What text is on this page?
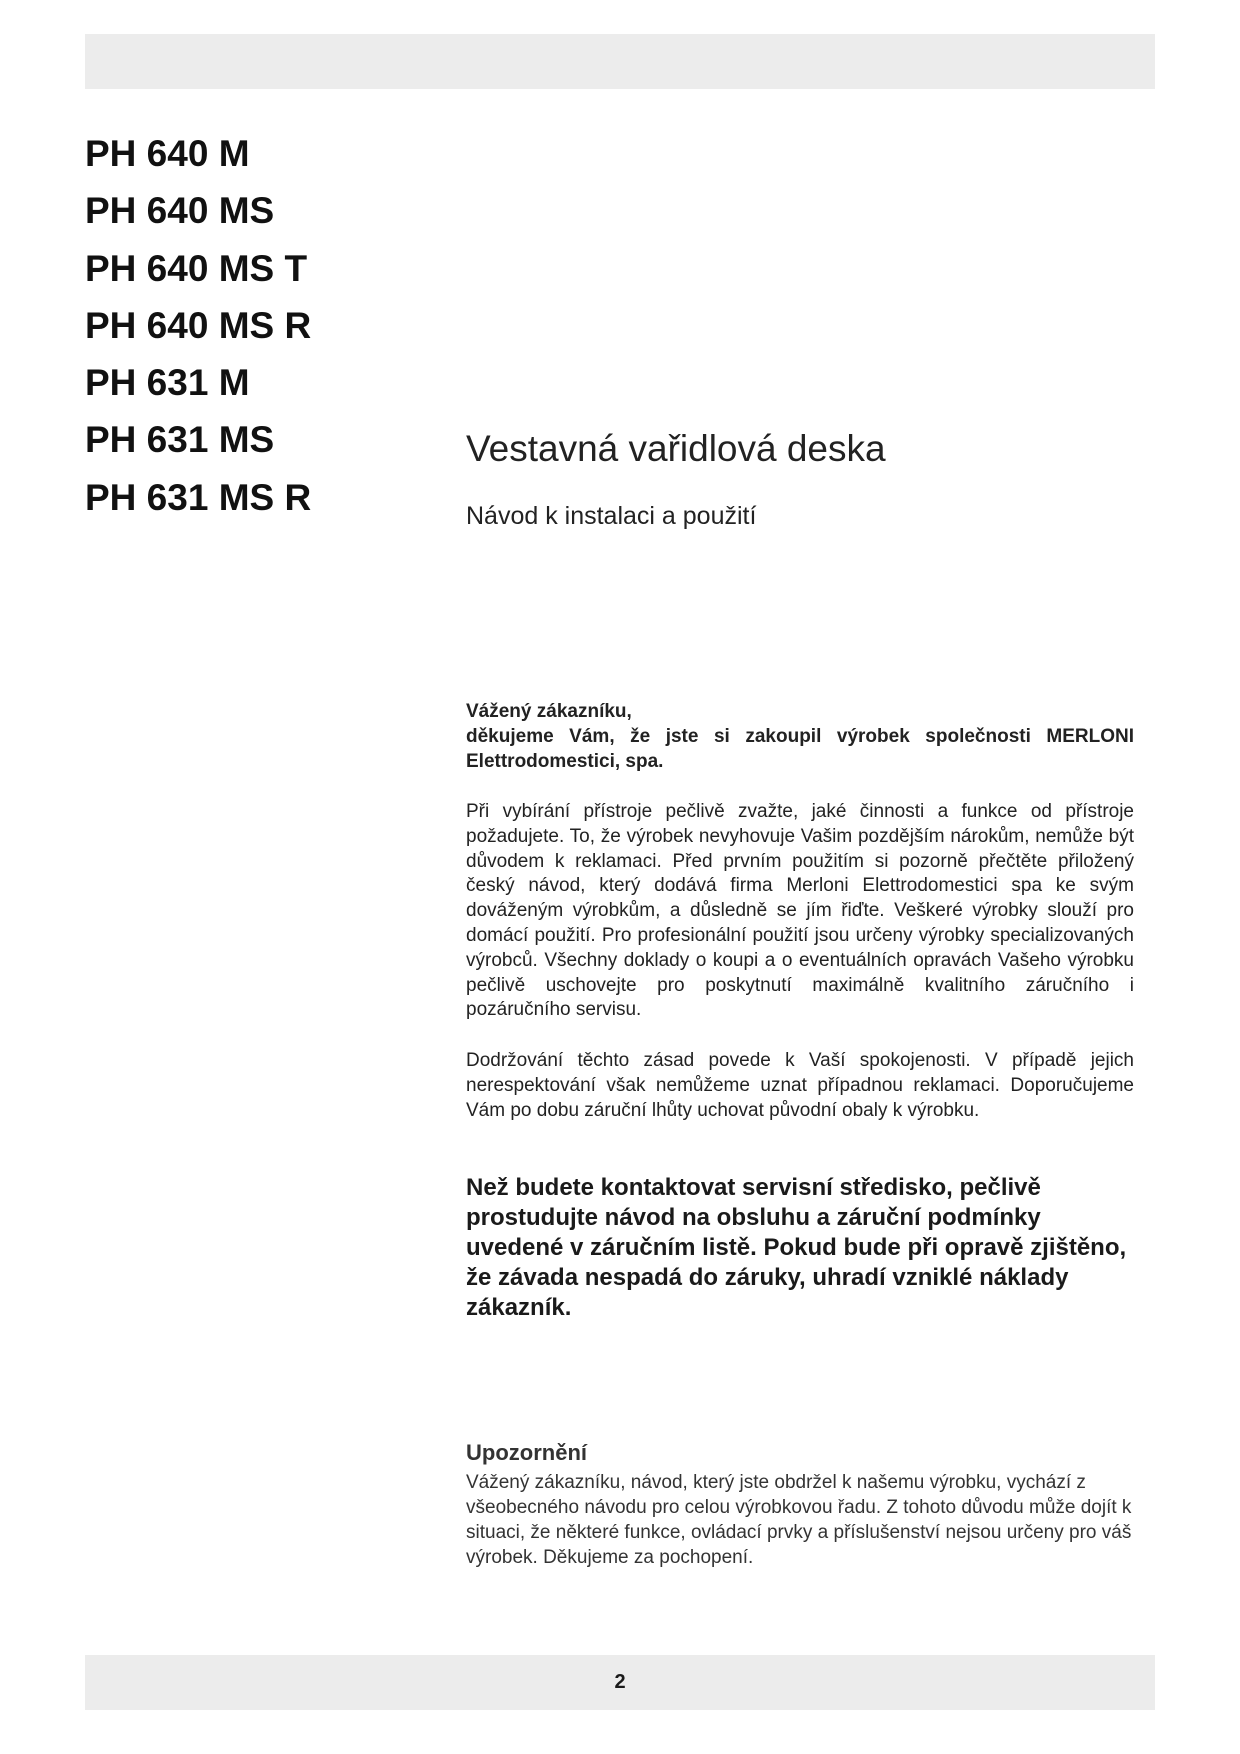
PH 640 M
PH 640 MS
PH 640 MS T
PH 640 MS R
PH 631 M
PH 631 MS
PH 631 MS R
Vestavná vařidlová deska
Návod k instalaci a použití

Vážený zákazníku,

děkujeme Vám, že jste si zakoupil výrobek společnosti MERLONI Elettrodomestici, spa.

Při vybírání přístroje pečlivě zvažte, jaké činnosti a funkce od přístroje požadujete. To, že výrobek nevyhovuje Vašim pozdějším nárokům, nemůže být důvodem k reklamaci. Před prvním použitím si pozorně přečtěte přiložený český návod, který dodává firma Merloni Elettrodomestici spa ke svým dováženým výrobkům, a důsledně se jím řiďte. Veškeré výrobky slouží pro domácí použití. Pro profesionální použití jsou určeny výrobky specializovaných výrobců. Všechny doklady o koupi a o eventuálních opravách Vašeho výrobku pečlivě uschovejte pro poskytnutí maximálně kvalitního záručního i pozáručního servisu.

Dodržování těchto zásad povede k Vaší spokojenosti. V případě jejich nerespektování však nemůžeme uznat případnou reklamaci. Doporučujeme Vám po dobu záruční lhůty uchovat původní obaly k výrobku.

Než budete kontaktovat servisní středisko, pečlivě prostudujte návod na obsluhu a záruční podmínky uvedené v záručním listě. Pokud bude při opravě zjištěno, že závada nespadá do záruky, uhradí vzniklé náklady zákazník.

Upozornění

Vážený zákazníku, návod, který jste obdržel k našemu výrobku, vychází z všeobecného návodu pro celou výrobkovou řadu. Z tohoto důvodu může dojít k situaci, že některé funkce, ovládací prvky a příslušenství nejsou určeny pro váš výrobek. Děkujeme za pochopení.

2
